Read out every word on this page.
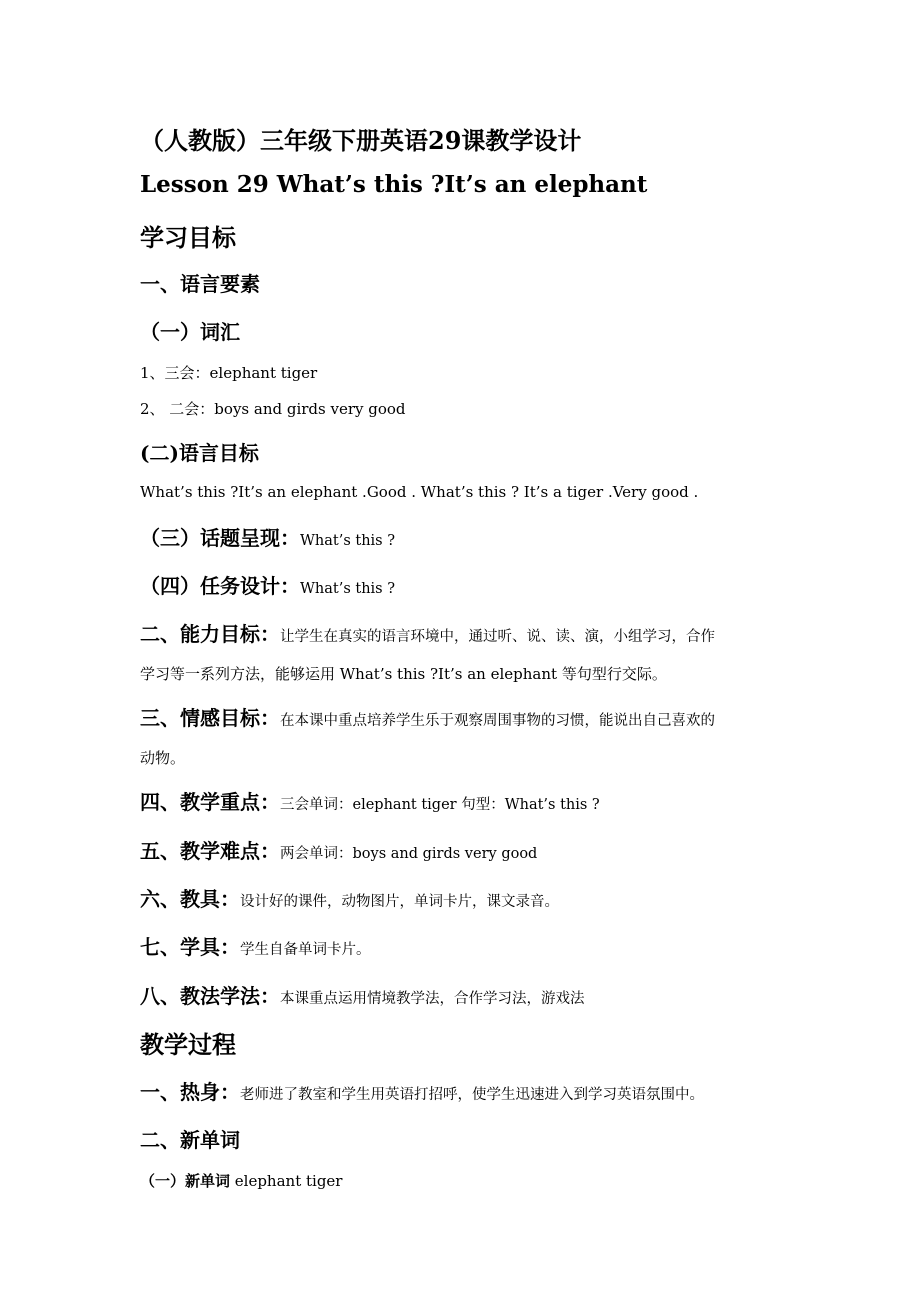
（人教版）三年级下册英语29课教学设计
Lesson 29 What’s this ?It’s an elephant
学习目标
一、语言要素
（一）词汇
1、三会：elephant tiger
2、 二会：boys and girds very good
(二)语言目标
What’s this ?It’s an elephant .Good . What’s this ? It’s a tiger .Very good .
（三）话题呈现：What’s this ?
（四）任务设计：What’s this ?
二、能力目标：让学生在真实的语言环境中，通过听、说、读、演，小组学习，合作
学习等一系列方法，能够运用 What’s this ?It’s an elephant 等句型行交际。
三、情感目标：在本课中重点培养学生乐于观察周围事物的习惯，能说出自己喜欢的
动物。
四、教学重点：三会单词：elephant tiger 句型：What’s this ?
五、教学难点：两会单词：boys and girds very good
六、教具：设计好的课件，动物图片，单词卡片，课文录音。
七、学具：学生自备单词卡片。
八、教法学法：本课重点运用情境教学法，合作学习法，游戏法
教学过程
一、热身：老师进了教室和学生用英语打招呼，使学生迅速进入到学习英语氛围中。
二、新单词
（一）新单词 elephant tiger
